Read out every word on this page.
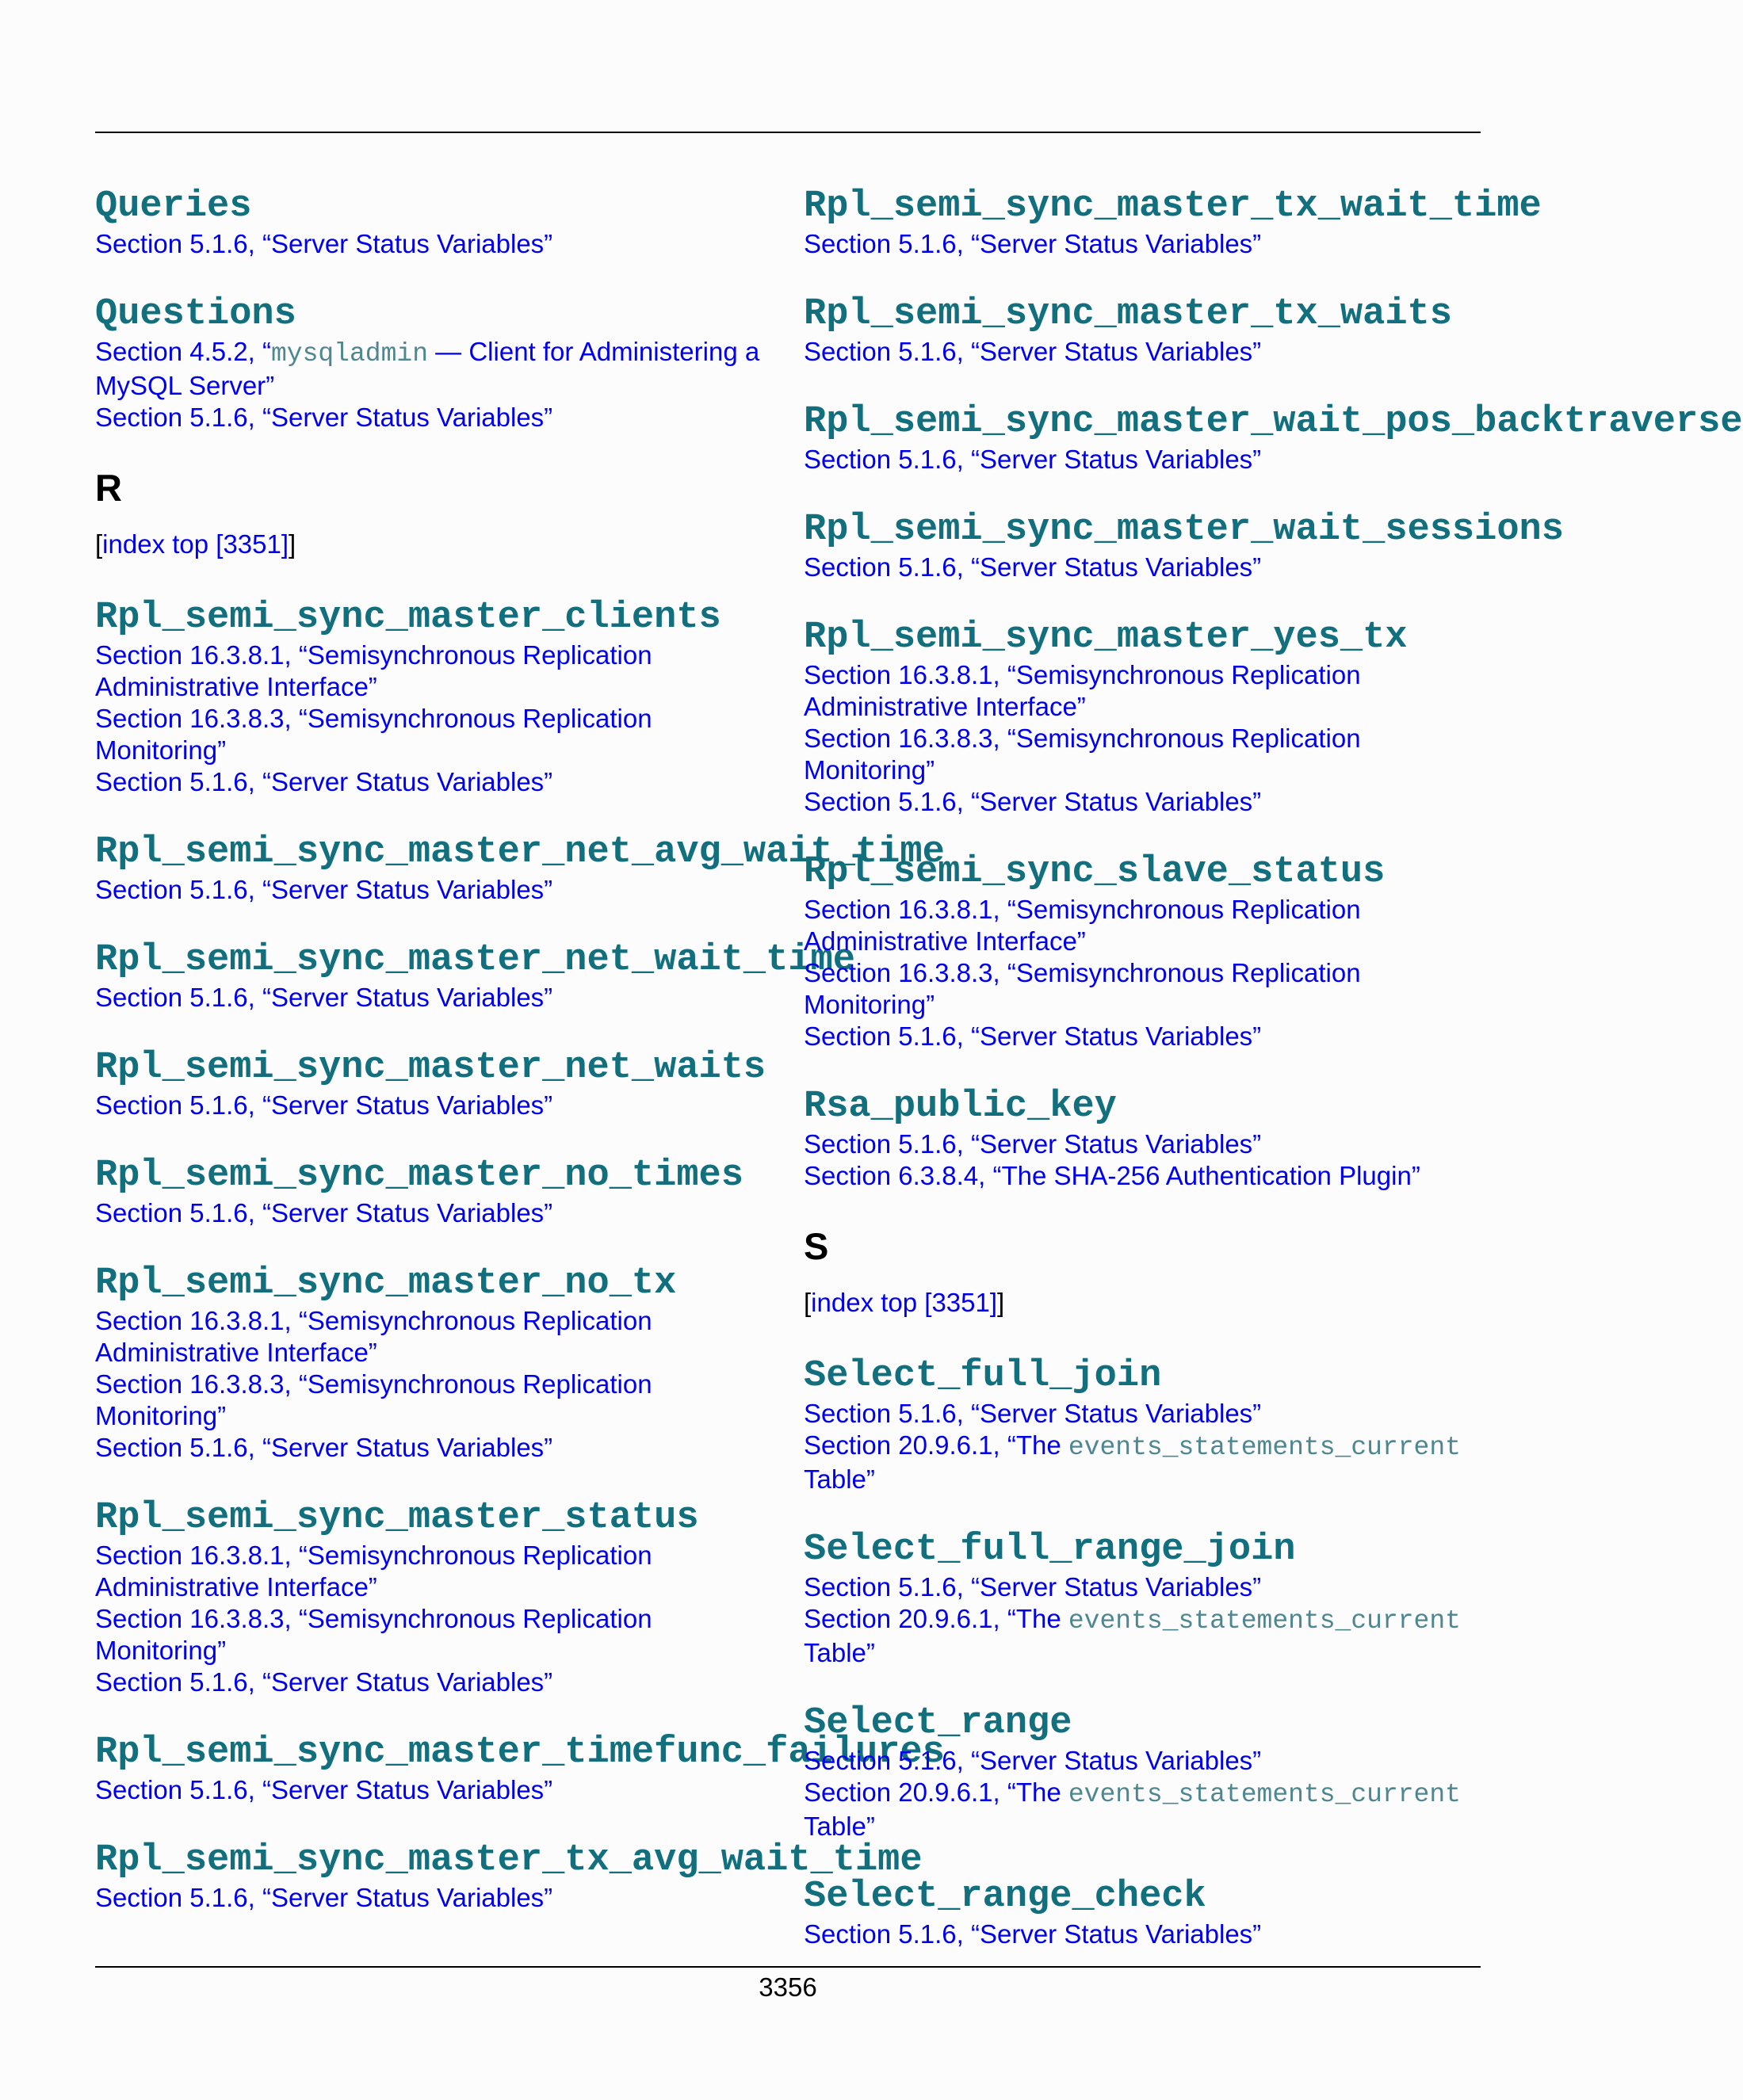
Queries
Section 5.1.6, “Server Status Variables”
Questions
Section 4.5.2, “mysqladmin — Client for Administering a
MySQL Server”
Section 5.1.6, “Server Status Variables”
R
[index top [3351]]
Rpl_semi_sync_master_clients
Section 16.3.8.1, “Semisynchronous Replication
Administrative Interface”
Section 16.3.8.3, “Semisynchronous Replication
Monitoring”
Section 5.1.6, “Server Status Variables”
Rpl_semi_sync_master_net_avg_wait_time
Section 5.1.6, “Server Status Variables”
Rpl_semi_sync_master_net_wait_time
Section 5.1.6, “Server Status Variables”
Rpl_semi_sync_master_net_waits
Section 5.1.6, “Server Status Variables”
Rpl_semi_sync_master_no_times
Section 5.1.6, “Server Status Variables”
Rpl_semi_sync_master_no_tx
Section 16.3.8.1, “Semisynchronous Replication
Administrative Interface”
Section 16.3.8.3, “Semisynchronous Replication
Monitoring”
Section 5.1.6, “Server Status Variables”
Rpl_semi_sync_master_status
Section 16.3.8.1, “Semisynchronous Replication
Administrative Interface”
Section 16.3.8.3, “Semisynchronous Replication
Monitoring”
Section 5.1.6, “Server Status Variables”
Rpl_semi_sync_master_timefunc_failures
Section 5.1.6, “Server Status Variables”
Rpl_semi_sync_master_tx_avg_wait_time
Section 5.1.6, “Server Status Variables”
Rpl_semi_sync_master_tx_wait_time
Section 5.1.6, “Server Status Variables”
Rpl_semi_sync_master_tx_waits
Section 5.1.6, “Server Status Variables”
Rpl_semi_sync_master_wait_pos_backtraverse
Section 5.1.6, “Server Status Variables”
Rpl_semi_sync_master_wait_sessions
Section 5.1.6, “Server Status Variables”
Rpl_semi_sync_master_yes_tx
Section 16.3.8.1, “Semisynchronous Replication
Administrative Interface”
Section 16.3.8.3, “Semisynchronous Replication
Monitoring”
Section 5.1.6, “Server Status Variables”
Rpl_semi_sync_slave_status
Section 16.3.8.1, “Semisynchronous Replication
Administrative Interface”
Section 16.3.8.3, “Semisynchronous Replication
Monitoring”
Section 5.1.6, “Server Status Variables”
Rsa_public_key
Section 5.1.6, “Server Status Variables”
Section 6.3.8.4, “The SHA-256 Authentication Plugin”
S
[index top [3351]]
Select_full_join
Section 5.1.6, “Server Status Variables”
Section 20.9.6.1, “The events_statements_current
Table”
Select_full_range_join
Section 5.1.6, “Server Status Variables”
Section 20.9.6.1, “The events_statements_current
Table”
Select_range
Section 5.1.6, “Server Status Variables”
Section 20.9.6.1, “The events_statements_current
Table”
Select_range_check
Section 5.1.6, “Server Status Variables”
3356
